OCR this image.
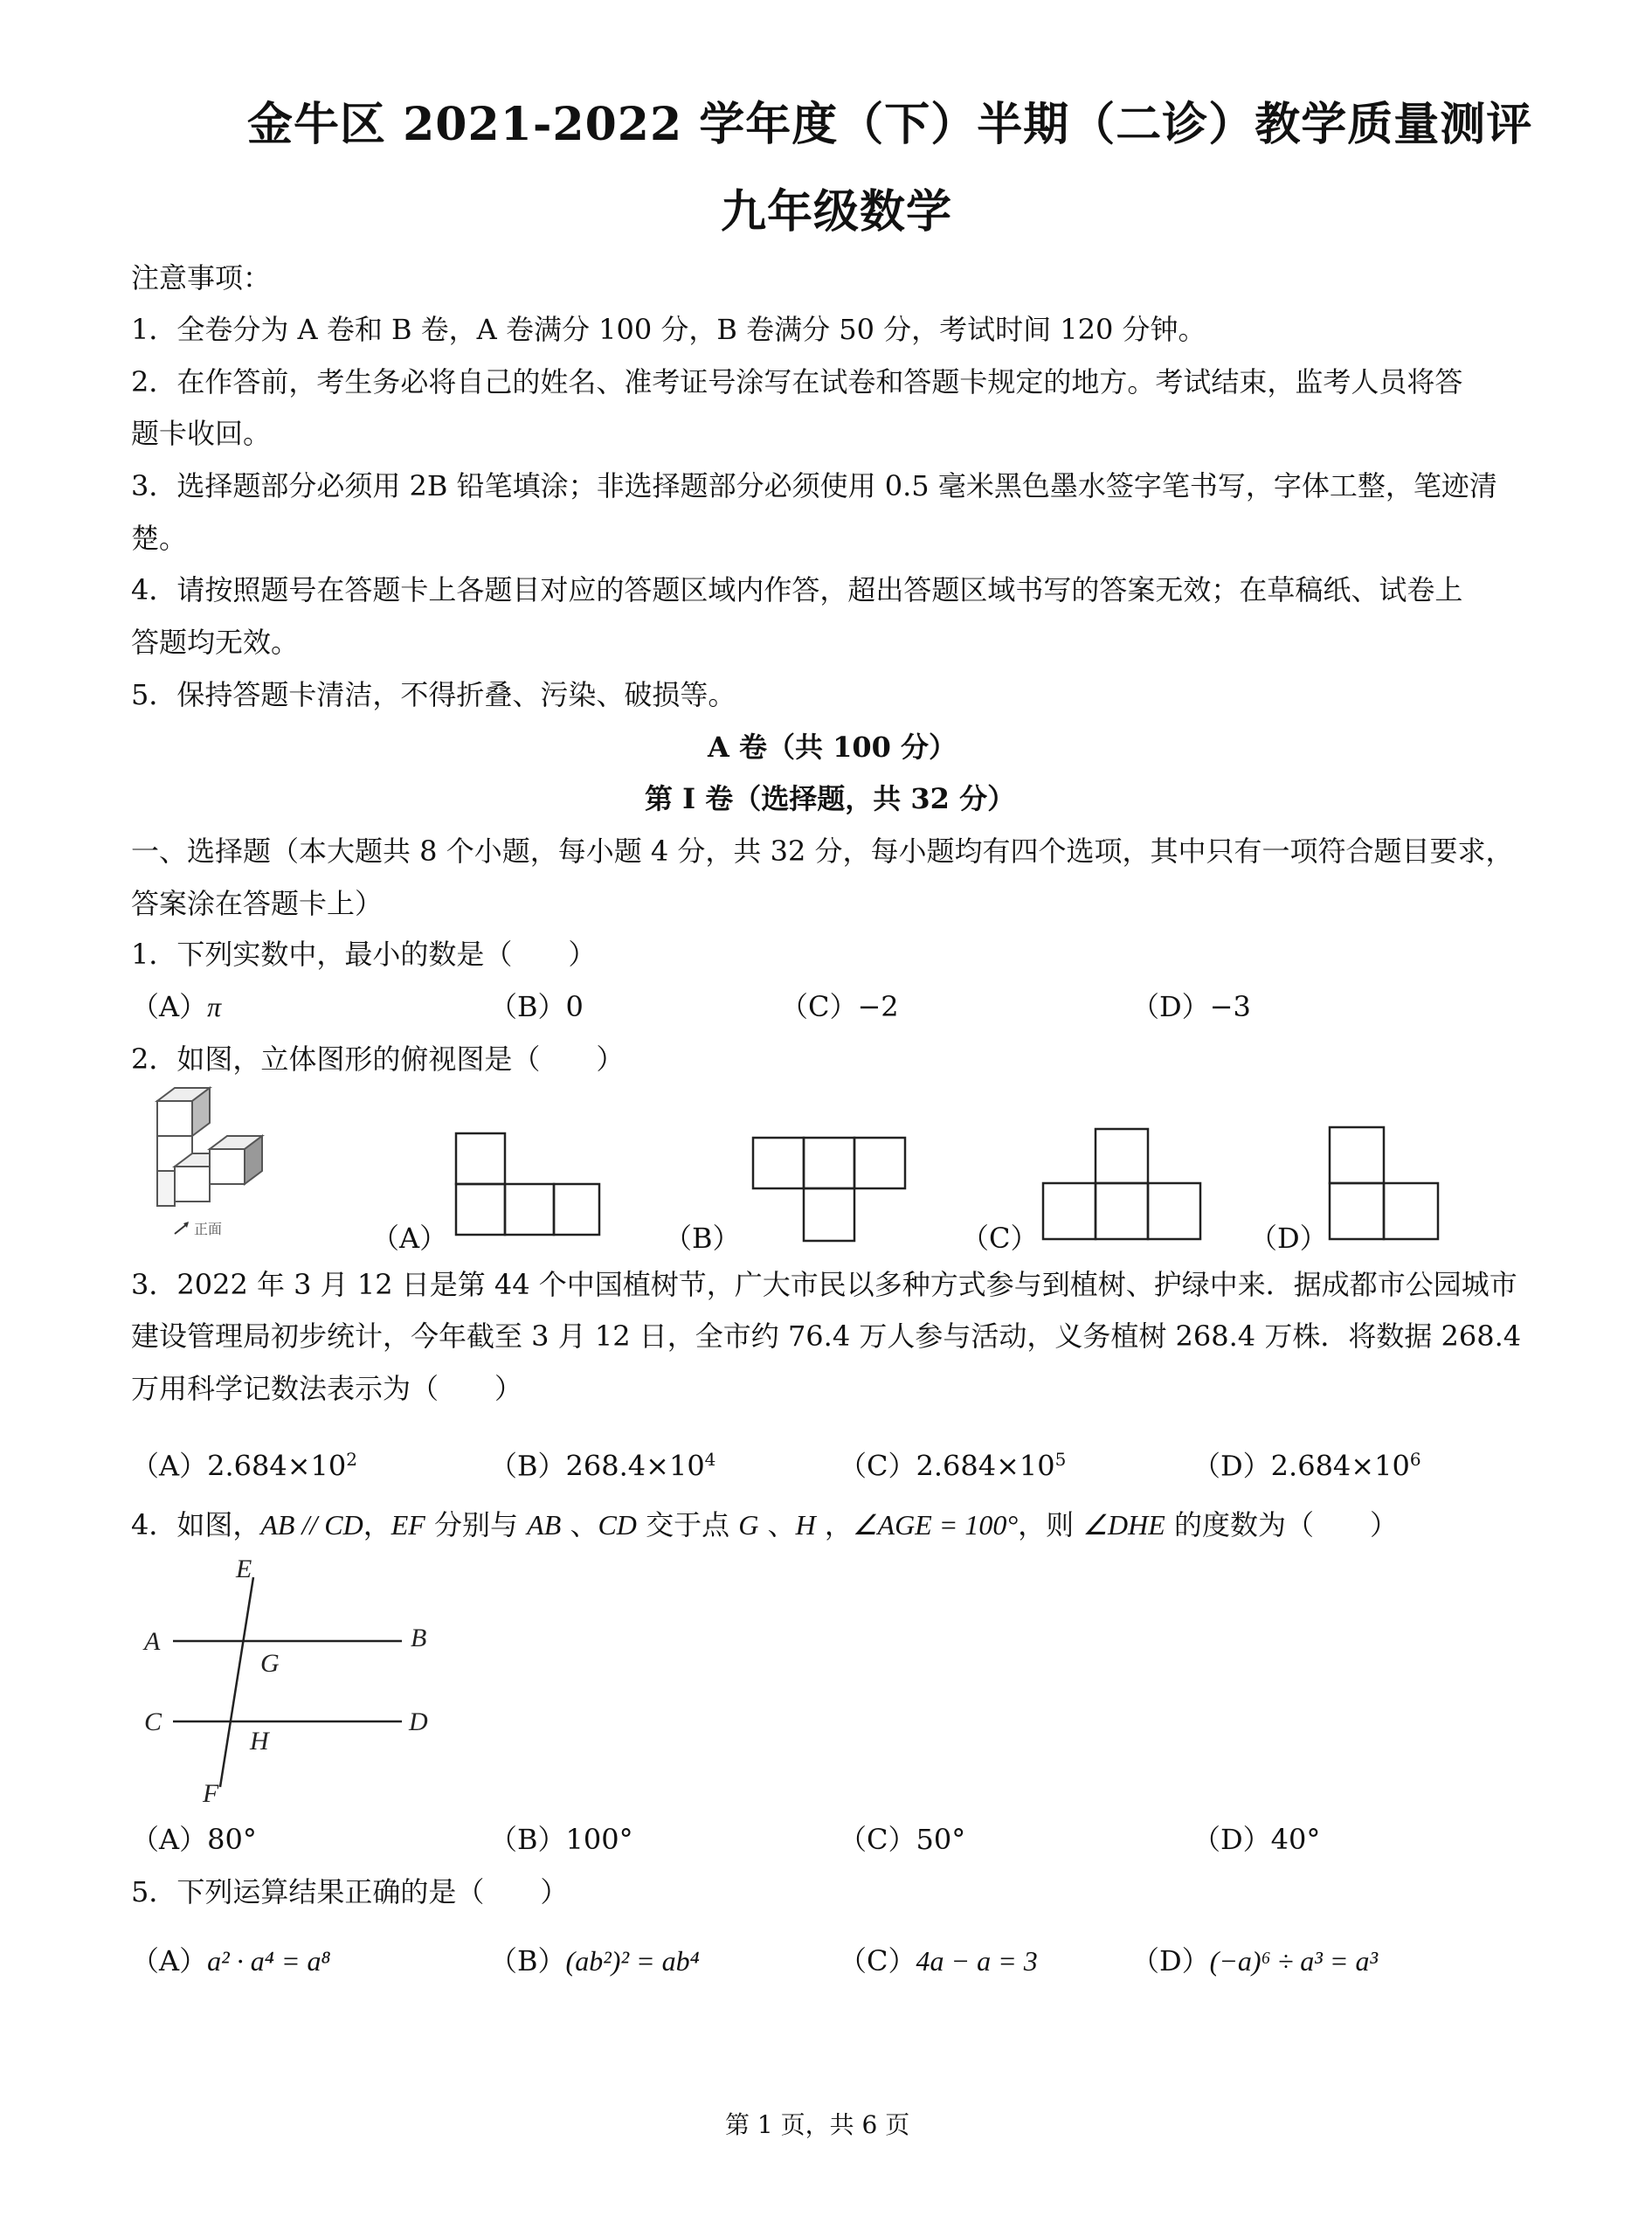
金牛区 2021-2022 学年度（下）半期（二诊）教学质量测评
九年级数学
注意事项：
1．全卷分为 A 卷和 B 卷，A 卷满分 100 分，B 卷满分 50 分，考试时间 120 分钟。
2．在作答前，考生务必将自己的姓名、准考证号涂写在试卷和答题卡规定的地方。考试结束，监考人员将答
题卡收回。
3．选择题部分必须用 2B 铅笔填涂；非选择题部分必须使用 0.5 毫米黑色墨水签字笔书写，字体工整，笔迹清
楚。
4．请按照题号在答题卡上各题目对应的答题区域内作答，超出答题区域书写的答案无效；在草稿纸、试卷上
答题均无效。
5．保持答题卡清洁，不得折叠、污染、破损等。
A 卷（共 100 分）
第 I 卷（选择题，共 32 分）
一、选择题（本大题共 8 个小题，每小题 4 分，共 32 分，每小题均有四个选项，其中只有一项符合题目要求，
答案涂在答题卡上）
1．下列实数中，最小的数是（　　）
（A）π	（B）0	（C）−2	（D）−3
2．如图，立体图形的俯视图是（　　）
正面	（A）	（B）	（C）	（D）
3．2022 年 3 月 12 日是第 44 个中国植树节，广大市民以多种方式参与到植树、护绿中来．据成都市公园城市
建设管理局初步统计，今年截至 3 月 12 日，全市约 76.4 万人参与活动，义务植树 268.4 万株．将数据 268.4
万用科学记数法表示为（　　）
$(A)2.684\times 10^2$	$(B)268.4\times 10^4$	$(C)2.684\times 10^5$	$(D)2.684\times 10^6$
4．如图，AB // CD，EF 分别与 AB 、CD 交于点 G 、H ，∠AGE = 100°，则 ∠DHE 的度数为（　　）
E
A	B
G
C	D
H
F
（A）80°	（B）100°	（C）50°	（D）40°
5．下列运算结果正确的是（　　）
（A）a² · a⁴ = a⁸	（B）(ab²)² = ab⁴	（C）4a − a = 3	（D）(−a)⁶ ÷ a³ = a³
第 1 页，共 6 页
